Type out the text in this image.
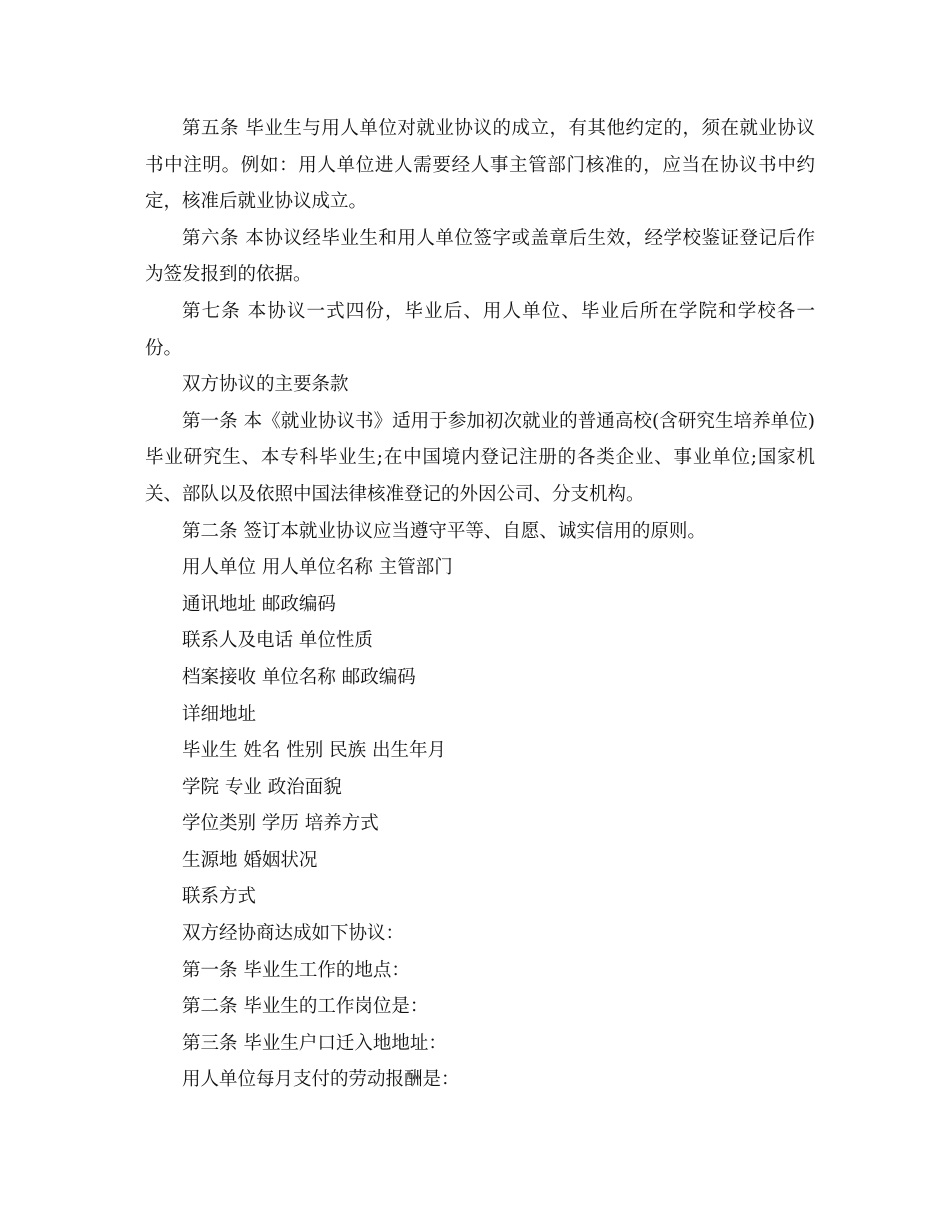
第五条 毕业生与用人单位对就业协议的成立，有其他约定的，须在就业协议书中注明。例如：用人单位进人需要经人事主管部门核准的，应当在协议书中约定，核准后就业协议成立。

第六条 本协议经毕业生和用人单位签字或盖章后生效，经学校鉴证登记后作为签发报到的依据。

第七条 本协议一式四份，毕业后、用人单位、毕业后所在学院和学校各一份。

双方协议的主要条款

第一条 本《就业协议书》适用于参加初次就业的普通高校(含研究生培养单位)毕业研究生、本专科毕业生;在中国境内登记注册的各类企业、事业单位;国家机关、部队以及依照中国法律核准登记的外因公司、分支机构。

第二条 签订本就业协议应当遵守平等、自愿、诚实信用的原则。

用人单位 用人单位名称 主管部门

通讯地址 邮政编码

联系人及电话 单位性质

档案接收 单位名称 邮政编码

详细地址

毕业生 姓名 性别 民族 出生年月

学院 专业 政治面貌

学位类别 学历 培养方式

生源地 婚姻状况

联系方式

双方经协商达成如下协议：

第一条 毕业生工作的地点：

第二条 毕业生的工作岗位是：

第三条 毕业生户口迁入地地址：

用人单位每月支付的劳动报酬是：
